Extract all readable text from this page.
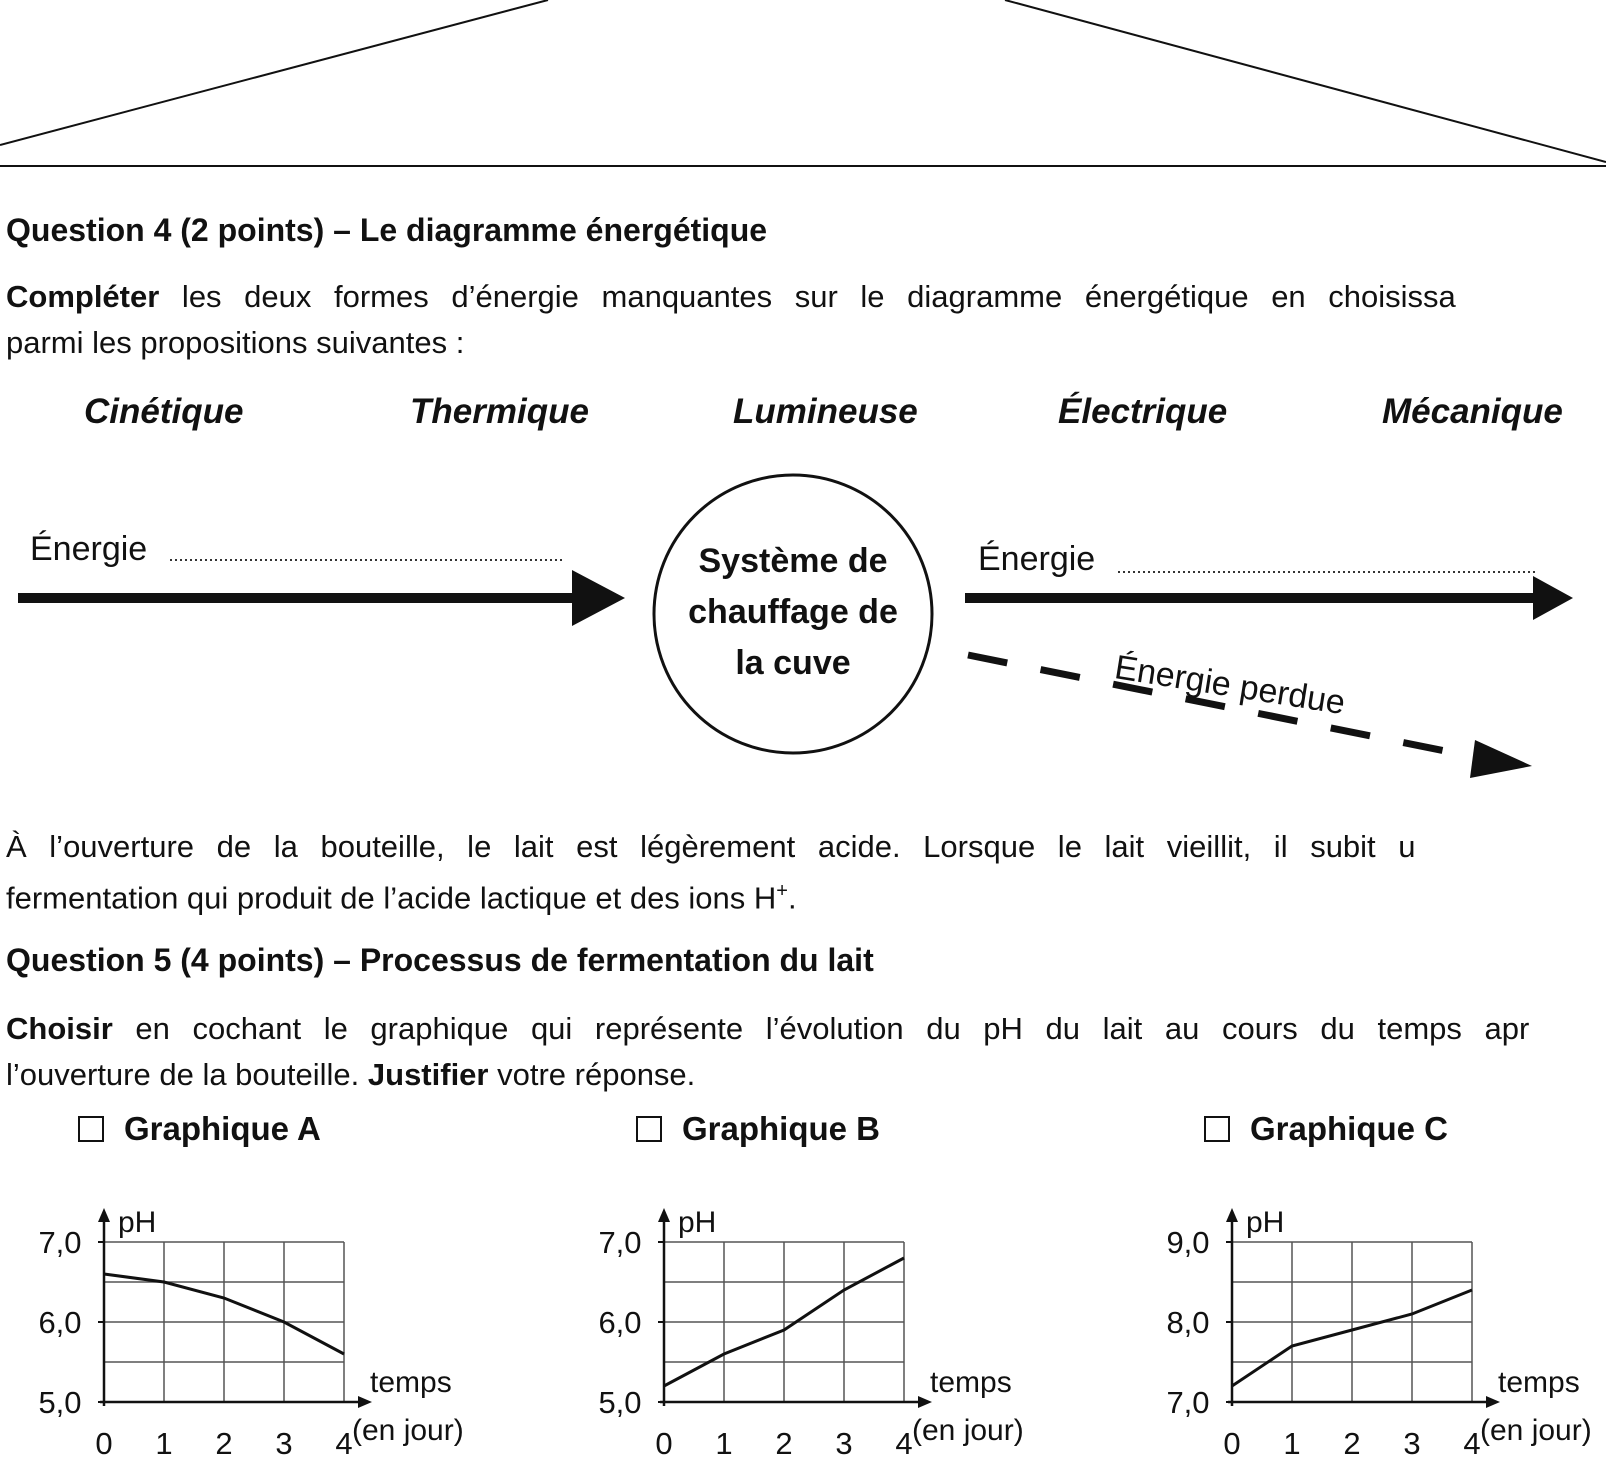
Question 4 (2 points) – Le diagramme énergétique
Compléter les deux formes d’énergie manquantes sur le diagramme énergétique en choisissa
parmi les propositions suivantes :
Cinétique	Thermique	Lumineuse	Électrique	Mécanique
Énergie	Énergie
Système de
chauffage de
la cuve	Énergie perdue
À l’ouverture de la bouteille, le lait est légèrement acide. Lorsque le lait vieillit, il subit u
fermentation qui produit de l’acide lactique et des ions H+.
Question 5 (4 points) – Processus de fermentation du lait
Choisir en cochant le graphique qui représente l’évolution du pH du lait au cours du temps apr
l’ouverture de la bouteille. Justifier votre réponse.
Graphique A	Graphique B	Graphique C
5,0
6,0
7,0
0 1 2 3 4
pH
temps
(en jour)
5,0
6,0
7,0
0 1 2 3 4
pH
temps
(en jour)
7,0
8,0
9,0
0 1 2 3 4
pH
temps
(en jour)
